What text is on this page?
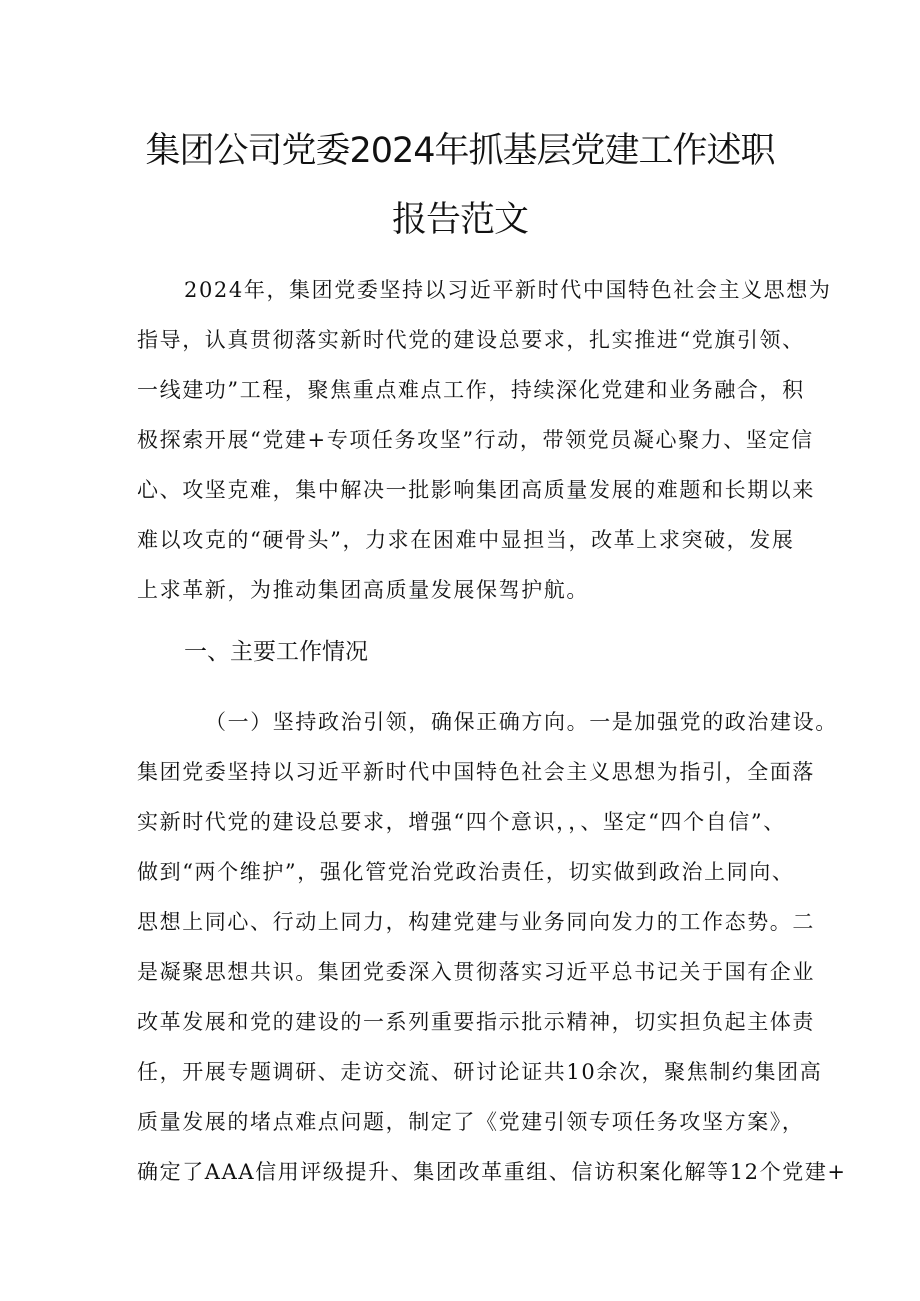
集团公司党委2024年抓基层党建工作述职
报告范文
2024年，集团党委坚持以习近平新时代中国特色社会主义思想为
指导，认真贯彻落实新时代党的建设总要求，扎实推进“党旗引领、
一线建功”工程，聚焦重点难点工作，持续深化党建和业务融合，积
极探索开展“党建+专项任务攻坚”行动，带领党员凝心聚力、坚定信
心、攻坚克难，集中解决一批影响集团高质量发展的难题和长期以来
难以攻克的“硬骨头”，力求在困难中显担当，改革上求突破，发展
上求革新，为推动集团高质量发展保驾护航。
一、主要工作情况
（一）坚持政治引领，确保正确方向。一是加强党的政治建设。
集团党委坚持以习近平新时代中国特色社会主义思想为指引，全面落
实新时代党的建设总要求，增强“四个意识，，、坚定“四个自信”、
做到“两个维护”，强化管党治党政治责任，切实做到政治上同向、
思想上同心、行动上同力，构建党建与业务同向发力的工作态势。二
是凝聚思想共识。集团党委深入贯彻落实习近平总书记关于国有企业
改革发展和党的建设的一系列重要指示批示精神，切实担负起主体责
任，开展专题调研、走访交流、研讨论证共10余次，聚焦制约集团高
质量发展的堵点难点问题，制定了《党建引领专项任务攻坚方案》，
确定了AAA信用评级提升、集团改革重组、信访积案化解等12个党建+
